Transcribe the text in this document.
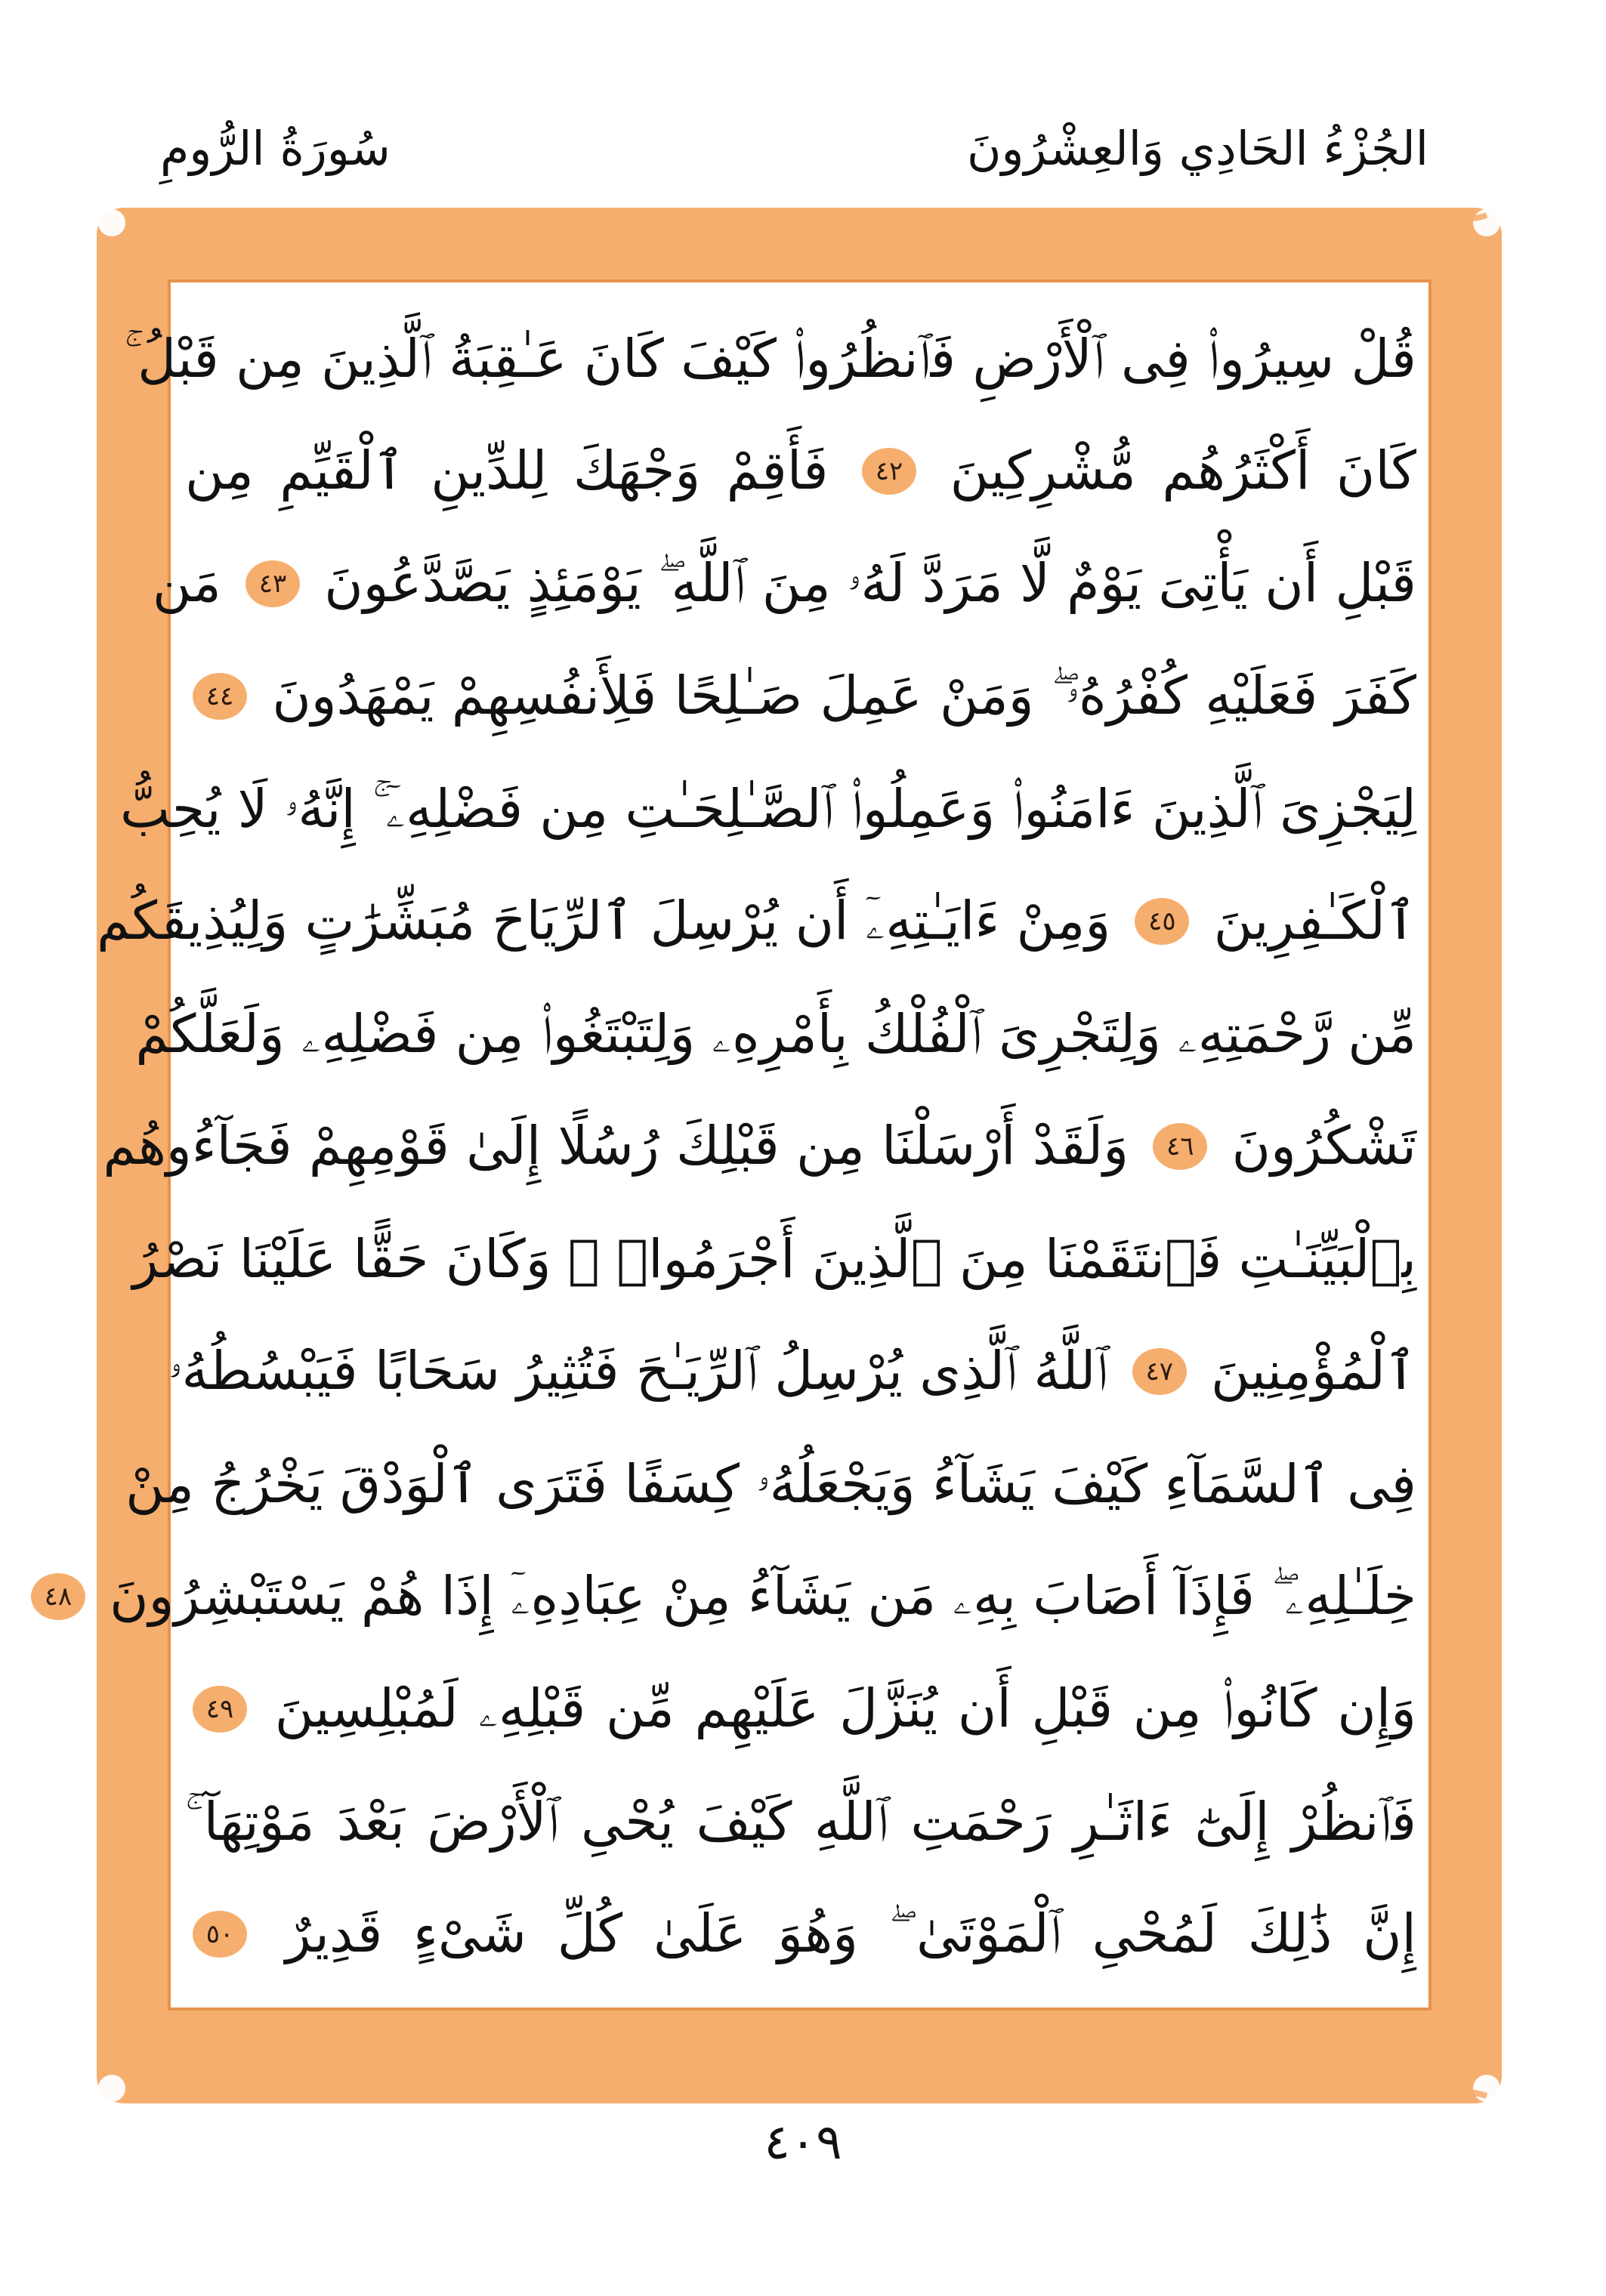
الجُزْءُ الحَادِي وَالعِشْرُونَ
سُورَةُ الرُّومِ
قُلْ سِيرُوا۟ فِى ٱلْأَرْضِ فَٱنظُرُوا۟ كَيْفَ كَانَ عَـٰقِبَةُ ٱلَّذِينَ مِن قَبْلُ ۚ
كَانَ أَكْثَرُهُم مُّشْرِكِينَ ٤٢ فَأَقِمْ وَجْهَكَ لِلدِّينِ ٱلْقَيِّمِ مِن
قَبْلِ أَن يَأْتِىَ يَوْمٌ لَّا مَرَدَّ لَهُۥ مِنَ ٱللَّهِ ۖ يَوْمَئِذٍ يَصَّدَّعُونَ ٤٣ مَن
كَفَرَ فَعَلَيْهِ كُفْرُهُۥ ۖ وَمَنْ عَمِلَ صَـٰلِحًا فَلِأَنفُسِهِمْ يَمْهَدُونَ ٤٤
لِيَجْزِىَ ٱلَّذِينَ ءَامَنُوا۟ وَعَمِلُوا۟ ٱلصَّـٰلِحَـٰتِ مِن فَضْلِهِۦٓ ۚ إِنَّهُۥ لَا يُحِبُّ
ٱلْكَـٰفِرِينَ ٤٥ وَمِنْ ءَايَـٰتِهِۦٓ أَن يُرْسِلَ ٱلرِّيَاحَ مُبَشِّرَٰتٍ وَلِيُذِيقَكُم
مِّن رَّحْمَتِهِۦ وَلِتَجْرِىَ ٱلْفُلْكُ بِأَمْرِهِۦ وَلِتَبْتَغُوا۟ مِن فَضْلِهِۦ وَلَعَلَّكُمْ
تَشْكُرُونَ ٤٦ وَلَقَدْ أَرْسَلْنَا مِن قَبْلِكَ رُسُلًا إِلَىٰ قَوْمِهِمْ فَجَآءُوهُم
بِٱلْبَيِّنَـٰتِ فَٱنتَقَمْنَا مِنَ ٱلَّذِينَ أَجْرَمُوا۟ ۖ وَكَانَ حَقًّا عَلَيْنَا نَصْرُ
ٱلْمُؤْمِنِينَ ٤٧ ٱللَّهُ ٱلَّذِى يُرْسِلُ ٱلرِّيَـٰحَ فَتُثِيرُ سَحَابًا فَيَبْسُطُهُۥ
فِى ٱلسَّمَآءِ كَيْفَ يَشَآءُ وَيَجْعَلُهُۥ كِسَفًا فَتَرَى ٱلْوَدْقَ يَخْرُجُ مِنْ
خِلَـٰلِهِۦ ۖ فَإِذَآ أَصَابَ بِهِۦ مَن يَشَآءُ مِنْ عِبَادِهِۦٓ إِذَا هُمْ يَسْتَبْشِرُونَ ٤٨
وَإِن كَانُوا۟ مِن قَبْلِ أَن يُنَزَّلَ عَلَيْهِم مِّن قَبْلِهِۦ لَمُبْلِسِينَ ٤٩
فَٱنظُرْ إِلَىٰٓ ءَاثَـٰرِ رَحْمَتِ ٱللَّهِ كَيْفَ يُحْىِ ٱلْأَرْضَ بَعْدَ مَوْتِهَآ ۚ
إِنَّ ذَٰلِكَ لَمُحْىِ ٱلْمَوْتَىٰ ۖ وَهُوَ عَلَىٰ كُلِّ شَىْءٍ قَدِيرٌ ٥٠
٤٠٩
